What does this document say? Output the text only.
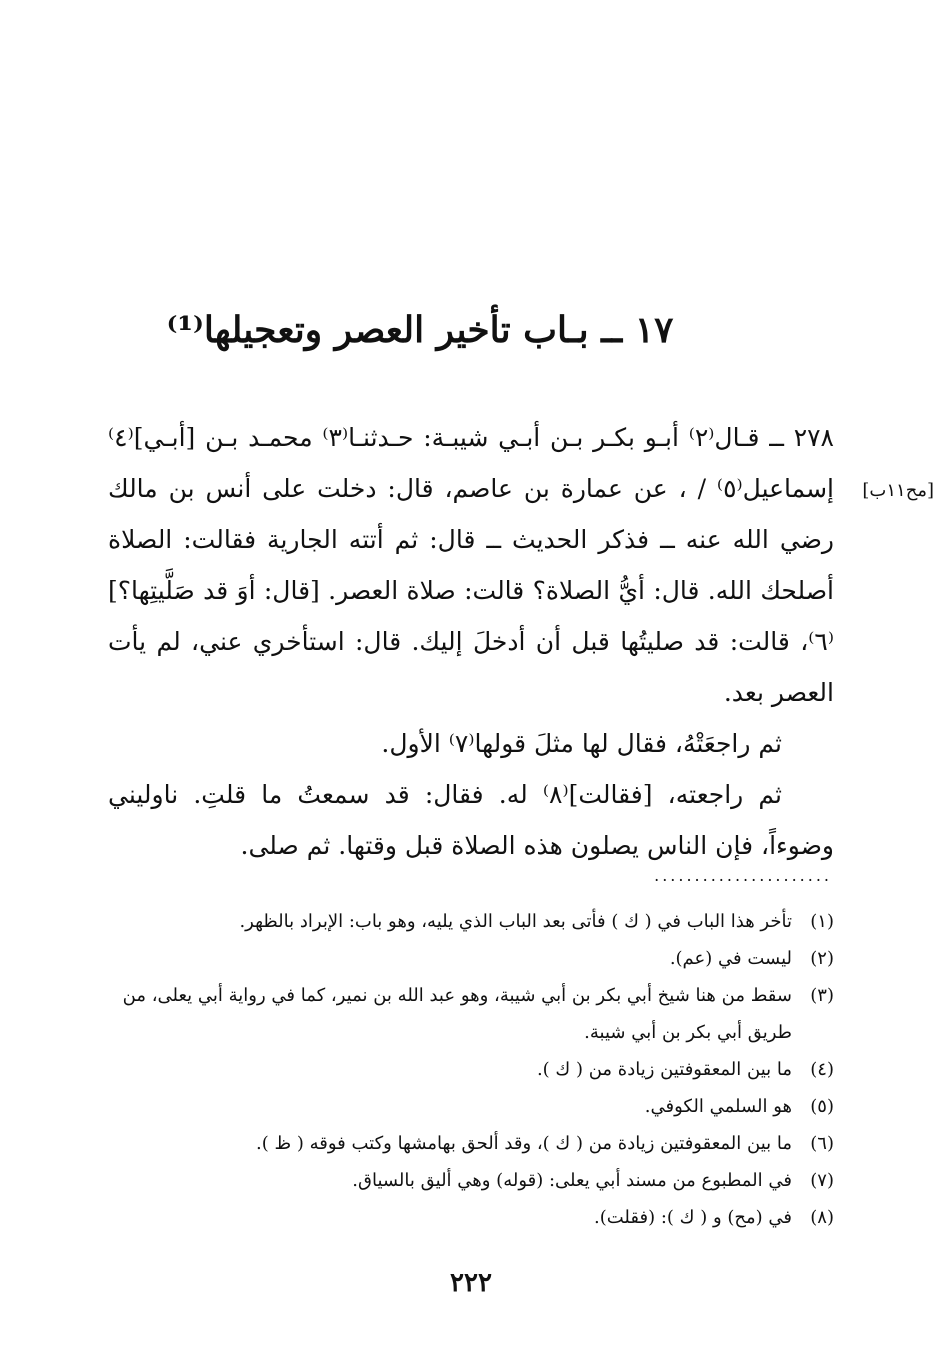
١٧ ــ بـاب تأخير العصر وتعجيلها⁽¹⁾
[مح١١ب]

٢٧٨ ــ قـال⁽٢⁾ أبـو بكـر بـن أبـي شيبـة: حـدثنـا⁽٣⁾ محمـد بـن [أبـي]⁽٤⁾ إسماعيل⁽٥⁾ / ، عن عمارة بن عاصم، قال: دخلت على أنس بن مالك رضي الله عنه ــ فذكر الحديث ــ قال: ثم أتته الجارية فقالت: الصلاة أصلحك الله. قال: أيُّ الصلاة؟ قالت: صلاة العصر. [قال: أوَ قد صَلَّيتِها؟]⁽٦⁾، قالت: قد صليتُها قبل أن أدخلَ إليك. قال: استأخري عني، لم يأت العصر بعد.

ثم راجعَتْهُ، فقال لها مثلَ قولها⁽٧⁾ الأول.

ثم راجعته، [فقالت]⁽٨⁾ له. فقال: قد سمعتُ ما قلتِ. ناوليني وضوءاً، فإن الناس يصلون هذه الصلاة قبل وقتها. ثم صلى.

......................
(١)
تأخر هذا الباب في ( ك ) فأتى بعد الباب الذي يليه، وهو باب: الإبراد بالظهر.
(٢)
ليست في (عم).
(٣)
سقط من هنا شيخ أبي بكر بن أبي شيبة، وهو عبد الله بن نمير، كما في رواية أبي يعلى، من طريق أبي بكر بن أبي شيبة.
(٤)
ما بين المعقوفتين زيادة من ( ك ).
(٥)
هو السلمي الكوفي.
(٦)
ما بين المعقوفتين زيادة من ( ك )، وقد ألحق بهامشها وكتب فوقه ( ظ ).
(٧)
في المطبوع من مسند أبي يعلى: (قوله) وهي أليق بالسياق.
(٨)
في (مح) و ( ك ): (فقلت).
٢٢٢
